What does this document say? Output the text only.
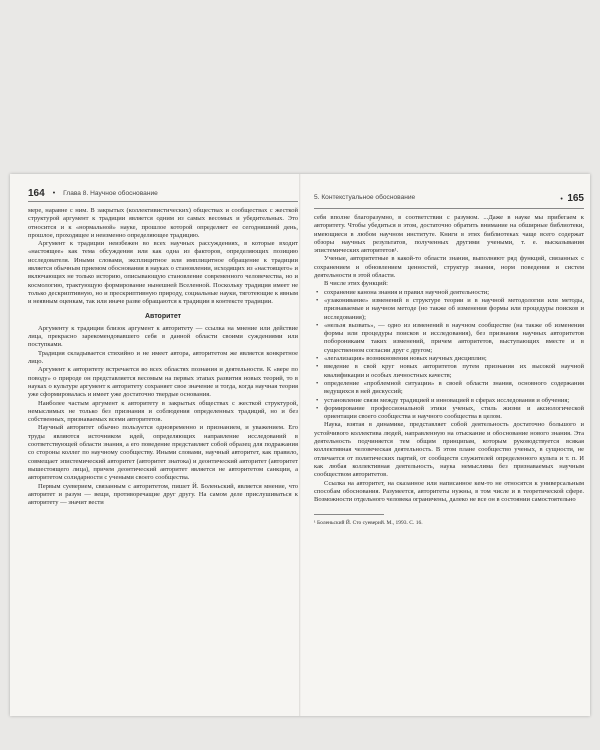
164 • Глава 8. Научное обоснование

мере, наравне с ним. В закрытых (коллективистических) обществах и сообществах с жесткой структурой аргумент к традиции является одним из самых весомых и убедительных. Это относится и к «нормальной» науке, прошлое которой определяет ее сегодняшний день, прошлое, проходящее и неизменно определяющее традицию.

Аргумент к традиции неизбежен во всех научных рассуждениях, в которые входит «настоящее» как тема обсуждения или как одна из факторов, определяющих позицию исследователя. Иными словами, эксплицитное или имплицитное обращение к традиции является обычным приемом обоснования в науках о становлении, исходящих из «настоящего» и включающих не только историю, описывающую становление современного человечества, но и космологию, трактующую формирование нынешней Вселенной. Поскольку традиция имеет не только дескриптивную, но и прескриптивную природу, социальные науки, тяготеющие к явным и неявным оценкам, так или иначе разве обращаются к традиции в контексте традиции.

Авторитет

Аргументу к традиции близок аргумент к авторитету — ссылка на мнение или действие лица, прекрасно зарекомендовавшего себя в данной области своими суждениями или поступками.

Традиция складывается стихийно и не имеет автора, авторитетом же является конкретное лицо.

Аргумент к авторитету встречается во всех областях познания и деятельности. К «вере по поводу» о природе он представляется весомым на первых этапах развития новых теорий, то в науках о культуре аргумент к авторитету сохраняет свое значение и тогда, когда научная теория уже сформировалась и имеет уже достаточно твердые основания.

Наиболее частым аргумент к авторитету в закрытых обществах с жесткой структурой, немыслимых не только без признания и соблюдения определенных традиций, но и без собственных, признаваемых всеми авторитетов.

Научный авторитет обычно пользуется одновременно и признанием, и уважением. Его труды являются источником идей, определяющих направление исследований в соответствующей области знания, а его поведение представляет собой образец для подражания со стороны коллег по научному сообществу. Иными словами, научный авторитет, как правило, совмещает эпистемический авторитет (авторитет знатока) и деонтический авторитет (авторитет вышестоящего лица), причем деонтический авторитет является не авторитетом санкции, а авторитетом солидарности с учеными своего сообщества.

Первым суеверием, связанным с авторитетом, пишет Й. Боленьский, является мнение, что авторитет и разум — вещи, противоречащие друг другу. На самом деле прислушиваться к авторитету — значит вести

5. Контекстуальное обоснование	• 165

себя вполне благоразумно, в соответствии с разумом. ...Даже в науке мы прибегаем к авторитету. Чтобы убедиться в этом, достаточно обратить внимание на обширные библиотеки, имеющиеся в любом научном институте. Книги в этих библиотеках чаще всего содержат обзоры научных результатов, полученных другими учеными, т. е. высказывания эпистемических авторитетов¹.

Ученые, авторитетные в какой-то области знания, выполняют ряд функций, связанных с сохранением и обновлением ценностей, структур знания, норм поведения и систем деятельности в этой области.

В числе этих функций:

• сохранение канона знания и правил научной деятельности;
• «узаконивание» изменений в структуре теории и в научной методологии или методы, признаваемые и научном методе (но также об изменения формы или процедуры поисков и исследования);
• «нельзя вызвать», — одно из изменений в научном сообществе (на также об изменения формы или процедуры поисков и исследования), без признания научных авторитетов побороникаим таких изменений, причем авторитетов, выступающих вместе и в существенном согласии друг с другом;
• «легализация» возникновения новых научных дисциплин;
• введение в свой круг новых авторитетов путем признания их высокой научной квалификации и особых личностных качеств;
• определение «проблемной ситуации» в своей области знания, основного содержания ведущихся в ней дискуссий;
• установление связи между традицией и инновацией в сферах исследования и обучения;
• формирование профессиональной этики ученых, стиль жизни и аксиологической ориентации своего сообщества и научного сообщества в целом.

Наука, взятая в динамике, представляет собой деятельность достаточно большого и устойчивого коллектива людей, направленную на отыскание и обоснование нового знания. Эта деятельность подчиняется тем общим принципам, которым руководствуется всякая коллективная человеческая деятельность. В этом плане сообщество ученых, в сущности, не отличается от политических партий, от сообществ служителей определенного культа и т. п. И как любая коллективная деятельность, наука немыслима без признаваемых научным сообществом авторитетов.

Ссылка на авторитет, на сказанное или написанное кем-то не относятся к универсальным способам обоснования. Разумеется, авторитеты нужны, в том числе и в теоретической сфере. Возможности отдельного человека ограничены, далеко не все он в состоянии самостоятельно

¹ Боленьский Й. Сто суеверий. М., 1993. С. 16.
